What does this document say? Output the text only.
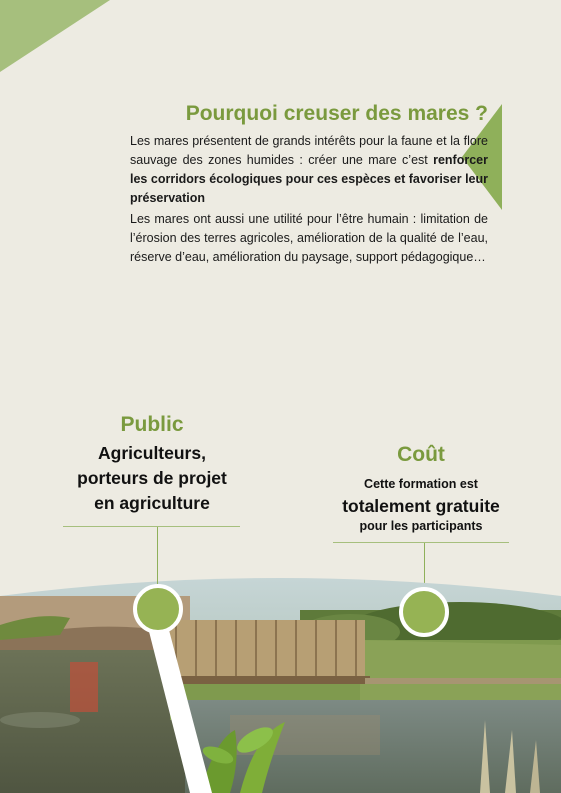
Pourquoi creuser des mares ?

Les mares présentent de grands intérêts pour la faune et la flore sauvage des zones humides : créer une mare c’est renforcer les corridors écologiques pour ces espèces et favoriser leur préservation

Les mares ont aussi une utilité pour l’être humain : limitation de l’érosion des terres agricoles, amélioration de la qualité de l’eau, réserve d’eau, amélioration du paysage, support pédagogique…

Public
Agriculteurs,
porteurs de projet
en agriculture
Coût
Cette formation est
totalement gratuite
pour les participants
